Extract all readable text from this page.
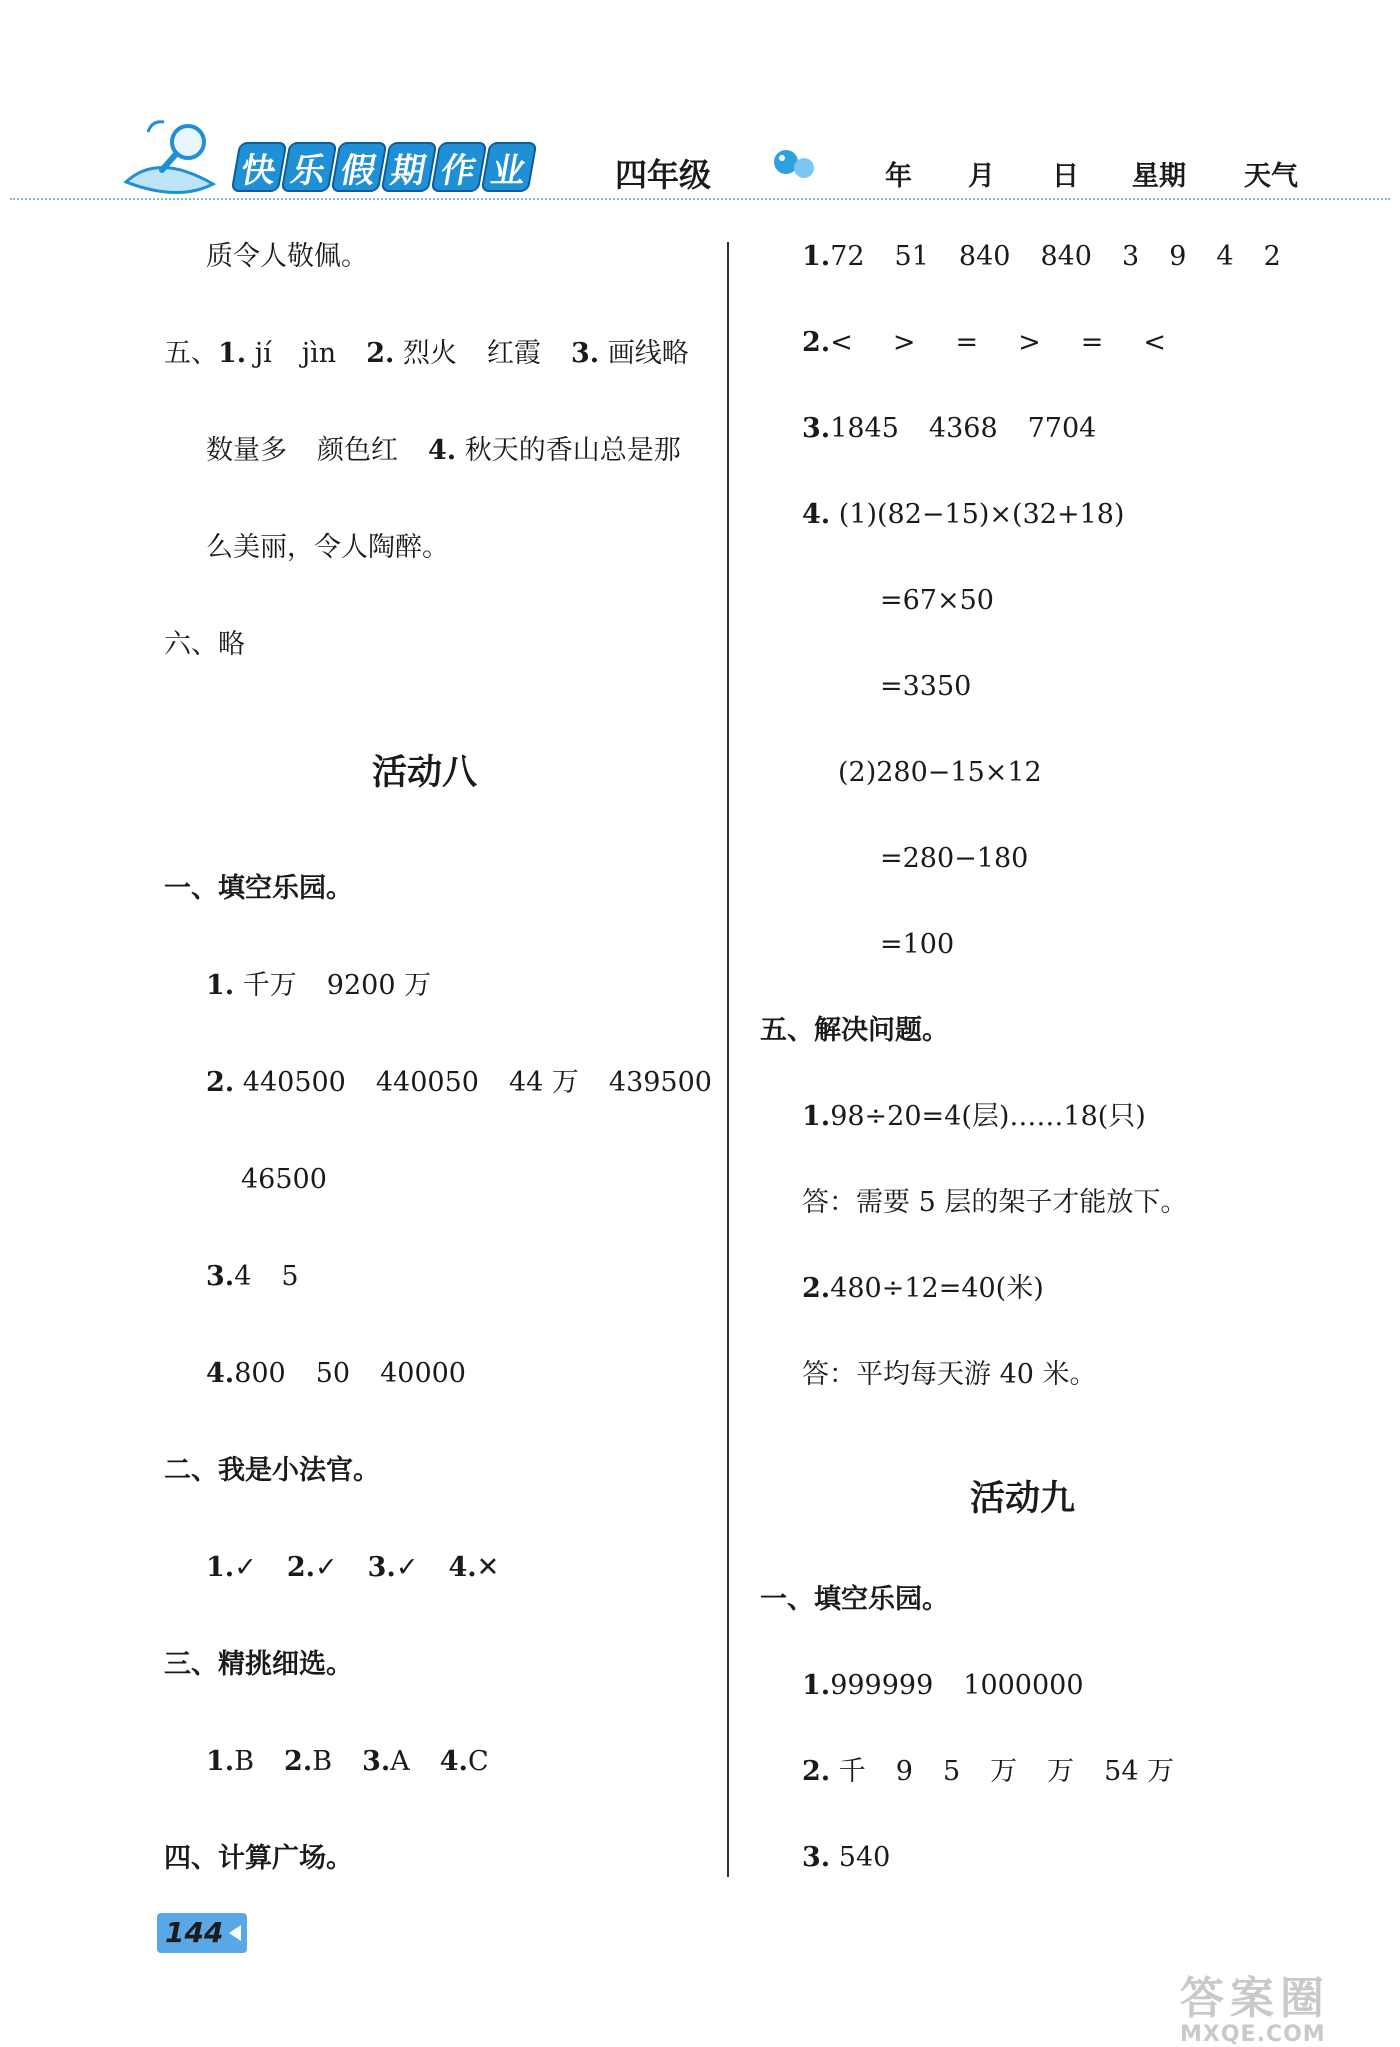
快 乐 假 期 作 业	四年级	年 月 日 星期 天气
质令人敬佩。
五、1. jí jìn 2. 烈火 红霞 3. 画线略
数量多 颜色红 4. 秋天的香山总是那
么美丽，令人陶醉。
六、略
活动八
一、填空乐园。
1. 千万 9200 万
2. 440500 440050 44 万 439500
46500
3.4 5
4.800 50 40000
二、我是小法官。
1.✓ 2.✓ 3.✓ 4.✕
三、精挑细选。
1.B 2.B 3.A 4.C
四、计算广场。
1.72 51 840 840 3 9 4 2
2.< > = > = <
3.1845 4368 7704
4. (1)(82−15)×(32+18)
=67×50
=3350
(2)280−15×12
=280−180
=100
五、解决问题。
1.98÷20=4(层)……18(只)
答：需要 5 层的架子才能放下。
2.480÷12=40(米)
答：平均每天游 40 米。
活动九
一、填空乐园。
1.999999 1000000
2. 千 9 5 万 万 54 万
3. 540
144
答案圈
MXQE.COM
